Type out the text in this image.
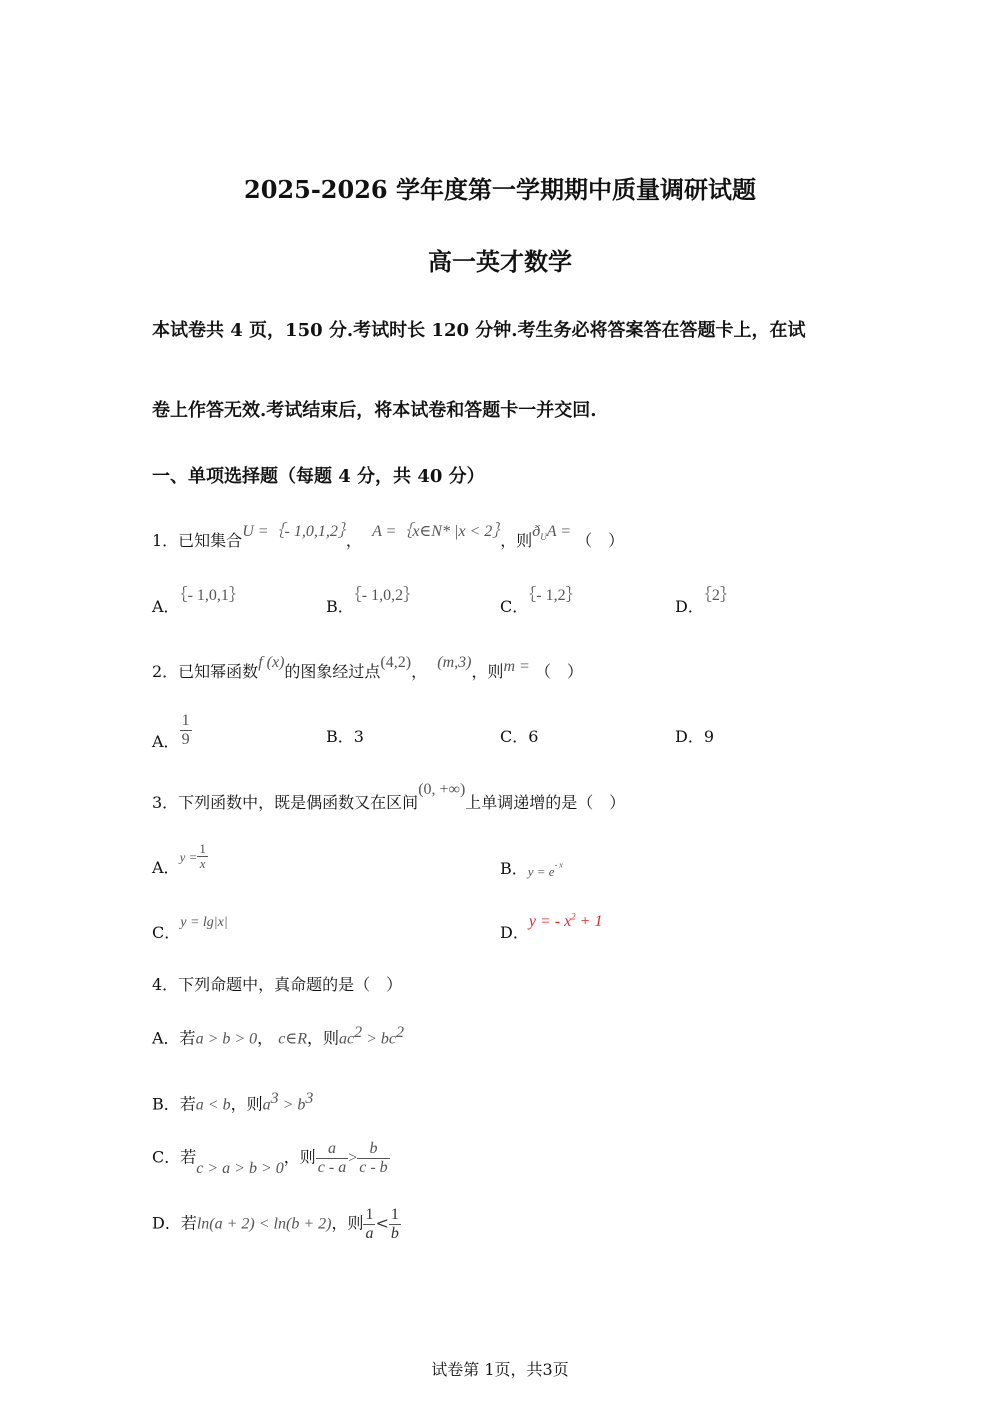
2025-2026 学年度第一学期期中质量调研试题
高一英才数学
本试卷共 4 页，150 分.考试时长 120 分钟.考生务必将答案答在答题卡上，在试
卷上作答无效.考试结束后，将本试卷和答题卡一并交回.
一、单项选择题（每题 4 分，共 40 分）
1．已知集合U =｛- 1,0,1,2｝， A =｛x∈N* |x < 2｝，则$ð_UA$ = （　）
A．｛- 1,0,1｝
B．｛- 1,0,2｝
C．｛- 1,2｝
D．｛2｝
2．已知幂函数f (x)的图象经过点(4,2)， (m,3)，则m = （　）
A． $\frac{1}{9}$	B．3	C．6	D．9
3．下列函数中，既是偶函数又在区间(0, +∞)上单调递增的是（　）
A．$y = \frac{1}{x}$	B．$y = e^{- x}$
C．y = lg|x|
D．y = - $x^2 + 1$
4．下列命题中，真命题的是（　）
A．若a > b > 0， c∈R，则$ac^2 > bc^2$
B．若a < b，则$a^3 > b^3$
C．若c > a > b > 0，则 $\frac{a}{c - a} > \frac{b}{c - b}$
D．若ln(a + 2) < ln(b + 2)，则 $\frac{1}{a} < \frac{1}{b}$
试卷第 1页，共3页
